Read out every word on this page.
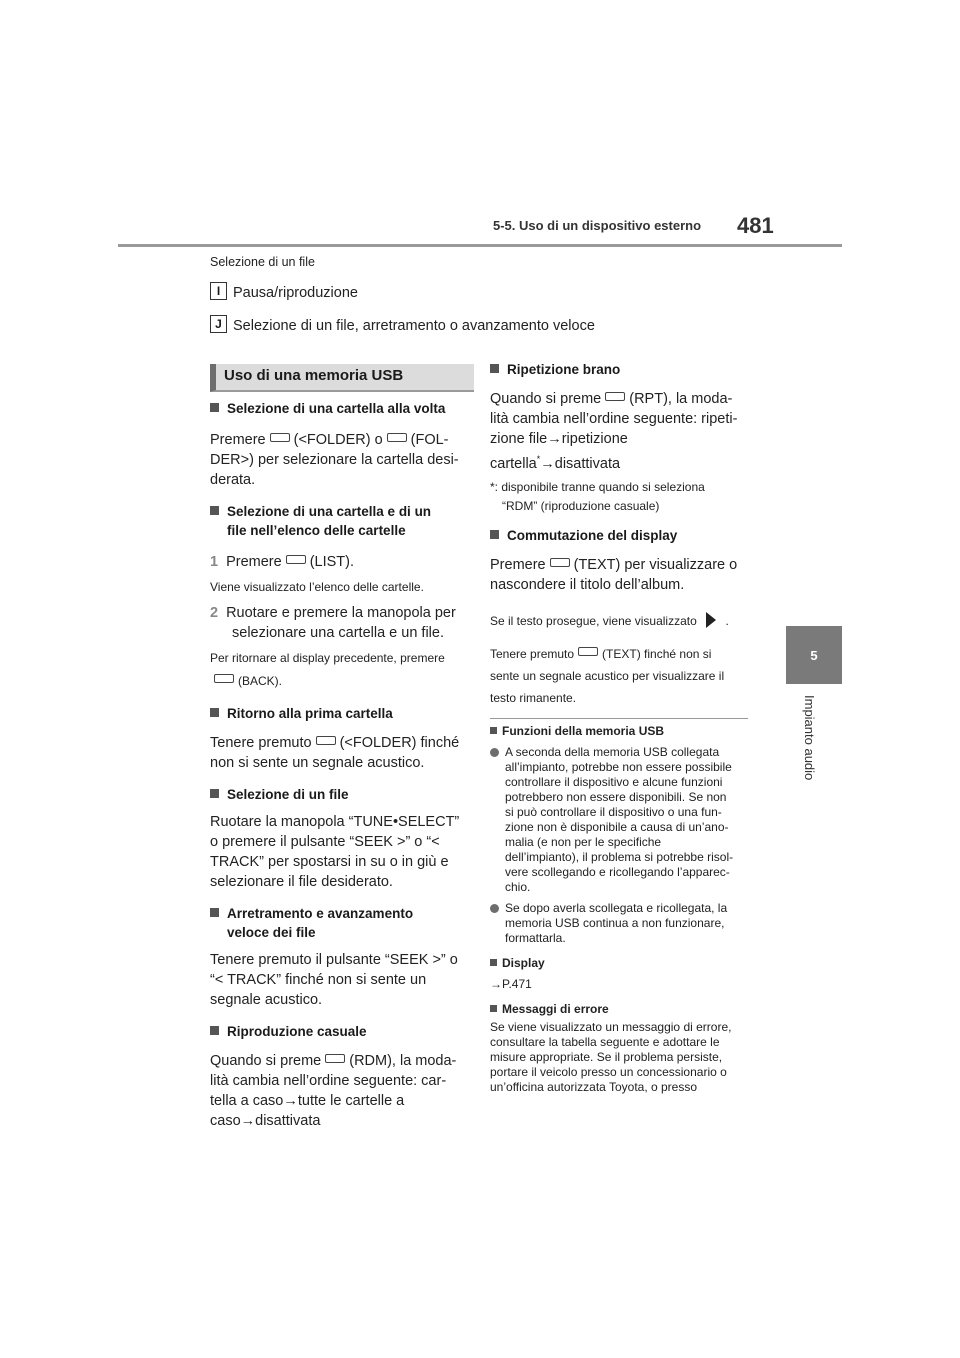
5-5. Uso di un dispositivo esterno 481
5
Impianto audio
Selezione di un file
I Pausa/riproduzione
J Selezione di un file, arretramento o avanzamento veloce
Uso di una memoria USB
Selezione di una cartella alla volta
Premere (<FOLDER) o (FOL-
DER>) per selezionare la cartella desi-
derata.
Selezione di una cartella e di un
file nell’elenco delle cartelle
1 Premere (LIST).
Viene visualizzato l’elenco delle cartelle.
2 Ruotare e premere la manopola per
selezionare una cartella e un file.
Per ritornare al display precedente, premere
(BACK).
Ritorno alla prima cartella
Tenere premuto (<FOLDER) finché
non si sente un segnale acustico.
Selezione di un file
Ruotare la manopola “TUNE•SELECT”
o premere il pulsante “SEEK >” o “<
TRACK” per spostarsi in su o in giù e
selezionare il file desiderato.
Arretramento e avanzamento
veloce dei file
Tenere premuto il pulsante “SEEK >” o
“< TRACK” finché non si sente un
segnale acustico.
Riproduzione casuale
Quando si preme (RDM), la moda-
lità cambia nell’ordine seguente: car-
tella a caso→tutte le cartelle a
caso→disattivata
Ripetizione brano
Quando si preme (RPT), la moda-
lità cambia nell’ordine seguente: ripeti-
zione file→ripetizione
cartella*→disattivata
*: disponibile tranne quando si seleziona
“RDM” (riproduzione casuale)
Commutazione del display
Premere (TEXT) per visualizzare o
nascondere il titolo dell’album.
Se il testo prosegue, viene visualizzato .
Tenere premuto (TEXT) finché non si
sente un segnale acustico per visualizzare il
testo rimanente.
Funzioni della memoria USB
A seconda della memoria USB collegata
all’impianto, potrebbe non essere possibile
controllare il dispositivo e alcune funzioni
potrebbero non essere disponibili. Se non
si può controllare il dispositivo o una fun-
zione non è disponibile a causa di un’ano-
malia (e non per le specifiche
dell’impianto), il problema si potrebbe risol-
vere scollegando e ricollegando l’apparec-
chio.
Se dopo averla scollegata e ricollegata, la
memoria USB continua a non funzionare,
formattarla.
Display
→P.471
Messaggi di errore
Se viene visualizzato un messaggio di errore,
consultare la tabella seguente e adottare le
misure appropriate. Se il problema persiste,
portare il veicolo presso un concessionario o
un’officina autorizzata Toyota, o presso
